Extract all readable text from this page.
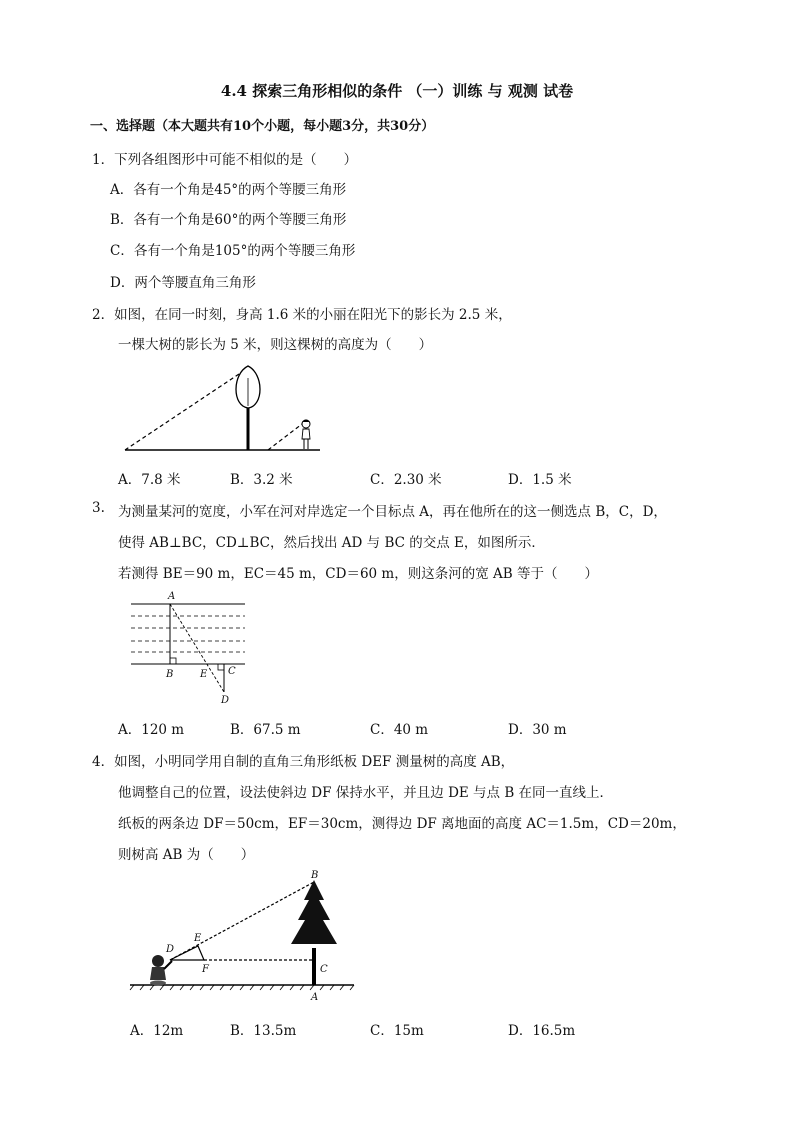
4.4 探索三角形相似的条件 （一）训练 与 观测 试卷
一、选择题（本大题共有10个小题，每小题3分，共30分）
1．下列各组图形中可能不相似的是（　　）
A．各有一个角是45°的两个等腰三角形
B．各有一个角是60°的两个等腰三角形
C．各有一个角是105°的两个等腰三角形
D．两个等腰直角三角形
2．如图，在同一时刻，身高 1.6 米的小丽在阳光下的影长为 2.5 米，
一棵大树的影长为 5 米，则这棵树的高度为（　　）
A．7.8 米	B．3.2 米	C．2.30 米	D．1.5 米
3. 为测量某河的宽度，小军在河对岸选定一个目标点 A，再在他所在的这一侧选点 B，C，D，
使得 AB⊥BC，CD⊥BC，然后找出 AD 与 BC 的交点 E，如图所示．
若测得 BE＝90 m，EC＝45 m，CD＝60 m，则这条河的宽 AB 等于（　　）
A
B	E C
D
A．120 m	B．67.5 m	C．40 m	D．30 m
4．如图，小明同学用自制的直角三角形纸板 DEF 测量树的高度 AB，
他调整自己的位置，设法使斜边 DF 保持水平，并且边 DE 与点 B 在同一直线上．
纸板的两条边 DF＝50cm，EF＝30cm，测得边 DF 离地面的高度 AC＝1.5m，CD＝20m，
则树高 AB 为（　　）
B
E
D
F	C
A
A．12m	B．13.5m	C．15m	D．16.5m
